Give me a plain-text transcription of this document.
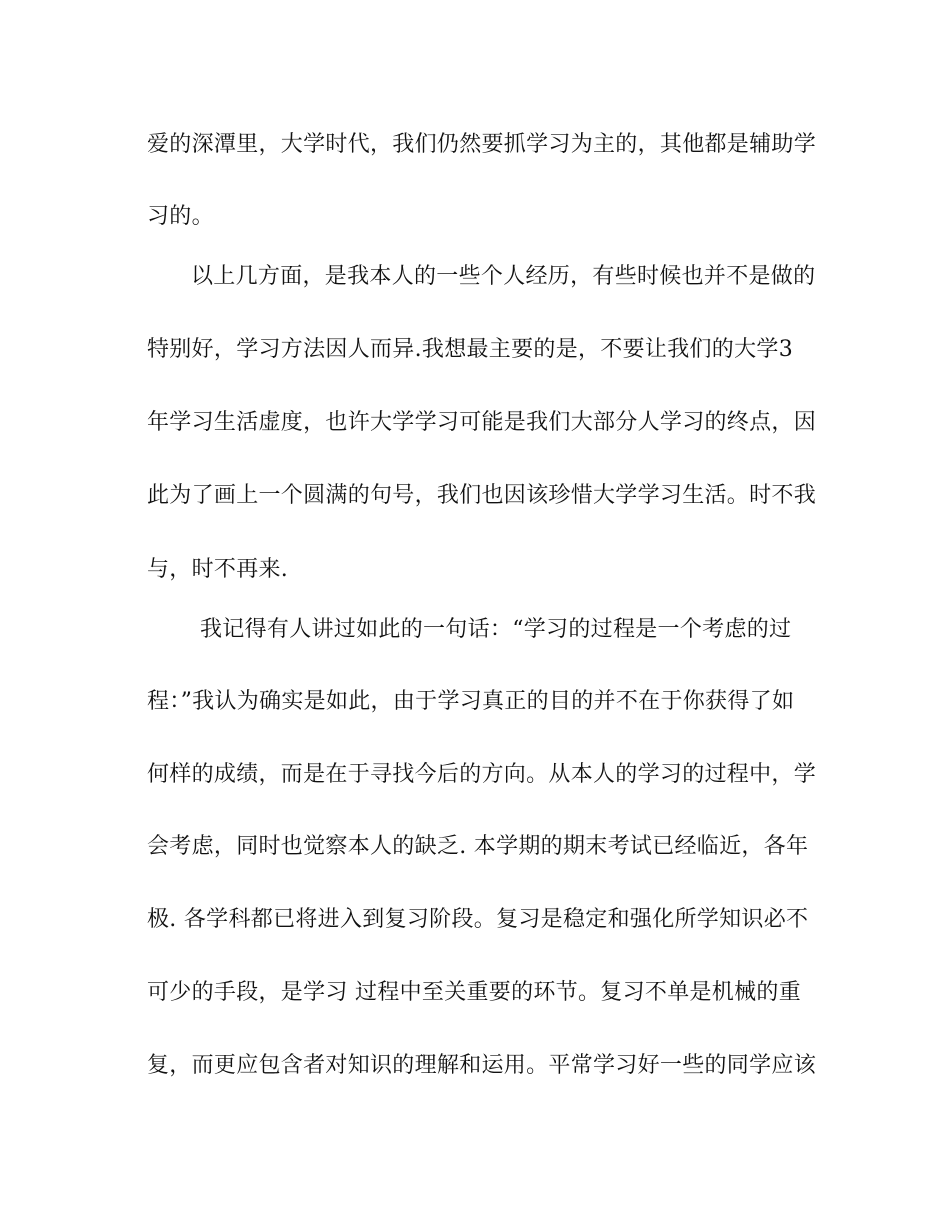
爱的深潭里，大学时代，我们仍然要抓学习为主的，其他都是辅助学
习的。
以上几方面，是我本人的一些个人经历，有些时候也并不是做的
特别好，学习方法因人而异.我想最主要的是，不要让我们的大学3
年学习生活虚度，也许大学学习可能是我们大部分人学习的终点，因
此为了画上一个圆满的句号，我们也因该珍惜大学学习生活。时不我
与，时不再来.
我记得有人讲过如此的一句话：“学习的过程是一个考虑的过
程：”我认为确实是如此，由于学习真正的目的并不在于你获得了如
何样的成绩，而是在于寻找今后的方向。从本人的学习的过程中，学
会考虑，同时也觉察本人的缺乏. 本学期的期末考试已经临近，各年
极. 各学科都已将进入到复习阶段。复习是稳定和强化所学知识必不
可少的手段，是学习 过程中至关重要的环节。复习不单是机械的重
复，而更应包含者对知识的理解和运用。平常学习好一些的同学应该
